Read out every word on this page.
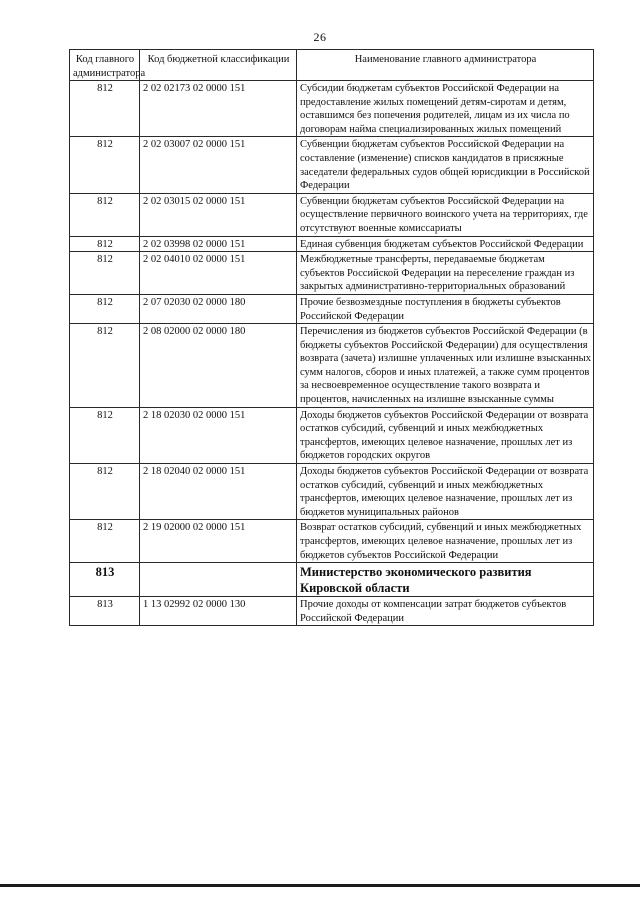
26
Код главного администратора	Код бюджетной классификации	Наименование главного администратора
812	2 02 02173 02 0000 151	Субсидии бюджетам субъектов Российской Федерации на предоставление жилых помещений детям-сиротам и детям, оставшимся без попечения родителей, лицам из их числа по договорам найма специализированных жилых помещений
812	2 02 03007 02 0000 151	Субвенции бюджетам субъектов Российской Федерации на составление (изменение) списков кандидатов в присяжные заседатели федеральных судов общей юрисдикции в Российской Федерации
812	2 02 03015 02 0000 151	Субвенции бюджетам субъектов Российской Федерации на осуществление первичного воинского учета на территориях, где отсутствуют военные комиссариаты
812	2 02 03998 02 0000 151	Единая субвенция бюджетам субъектов Российской Федерации
812	2 02 04010 02 0000 151	Межбюджетные трансферты, передаваемые бюджетам субъектов Российской Федерации на переселение граждан из закрытых административно-территориальных образований
812	2 07 02030 02 0000 180	Прочие безвозмездные поступления в бюджеты субъектов Российской Федерации
812	2 08 02000 02 0000 180	Перечисления из бюджетов субъектов Российской Федерации (в бюджеты субъектов Российской Федерации) для осуществления возврата (зачета) излишне уплаченных или излишне взысканных сумм налогов, сборов и иных платежей, а также сумм процентов за несвоевременное осуществление такого возврата и процентов, начисленных на излишне взысканные суммы
812	2 18 02030 02 0000 151	Доходы бюджетов субъектов Российской Федерации от возврата остатков субсидий, субвенций и иных межбюджетных трансфертов, имеющих целевое назначение, прошлых лет из бюджетов городских округов
812	2 18 02040 02 0000 151	Доходы бюджетов субъектов Российской Федерации от возврата остатков субсидий, субвенций и иных межбюджетных трансфертов, имеющих целевое назначение, прошлых лет из бюджетов муниципальных районов
812	2 19 02000 02 0000 151	Возврат остатков субсидий, субвенций и иных межбюджетных трансфертов, имеющих целевое назначение, прошлых лет из бюджетов субъектов Российской Федерации
813		Министерство экономического развития Кировской области
813	1 13 02992 02 0000 130	Прочие доходы от компенсации затрат бюджетов субъектов Российской Федерации
